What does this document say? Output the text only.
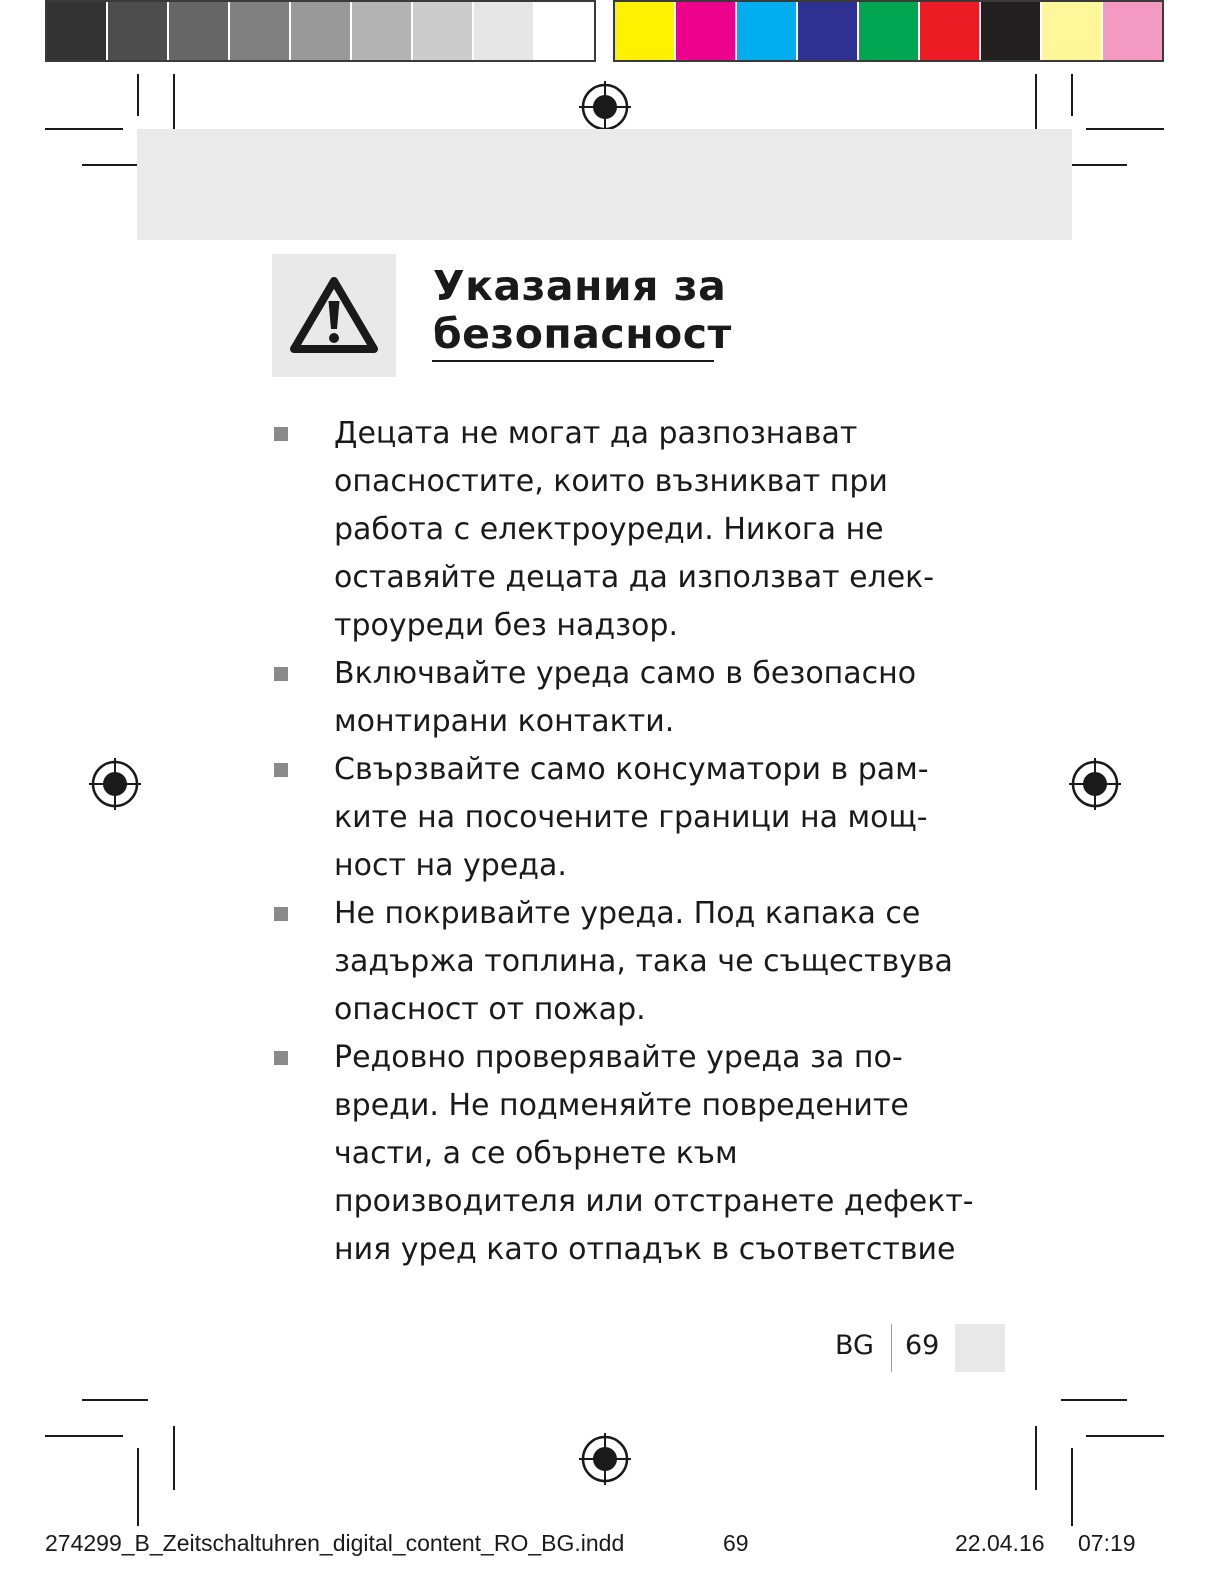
Указания за
безопасност
Децата не могат да разпознават
опасностите, които възникват при
работа с електроуреди. Никога не
оставяйте децата да използват елек-
троуреди без надзор.
Включвайте уреда само в безопасно
монтирани контакти.
Свързвайте само консуматори в рам-
ките на посочените граници на мощ-
ност на уреда.
Не покривайте уреда. Под капака се
задържа топлина, така че съществува
опасност от пожар.
Редовно проверявайте уреда за по-
вреди. Не подменяйте повредените
части, а се обърнете към
производителя или отстранете дефект-
ния уред като отпадък в съответствие
BG 69
274299_B_Zeitschaltuhren_digital_content_RO_BG.indd	69	22.04.16 07:19
